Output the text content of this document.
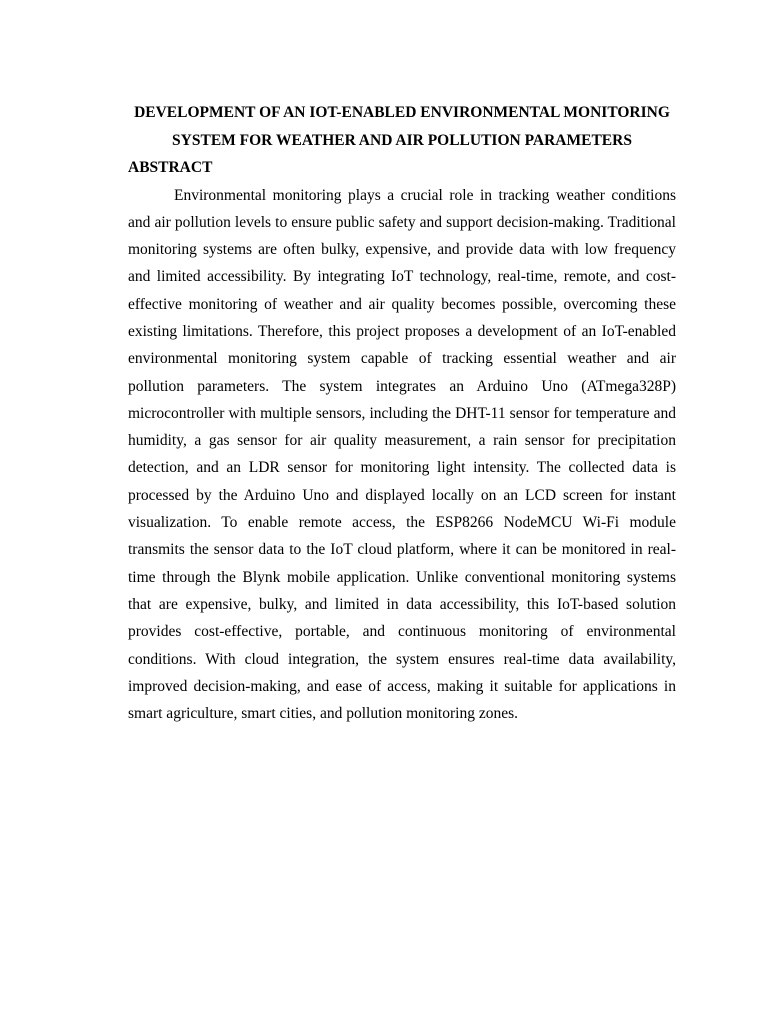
DEVELOPMENT OF AN IOT-ENABLED ENVIRONMENTAL MONITORING SYSTEM FOR WEATHER AND AIR POLLUTION PARAMETERS
ABSTRACT

Environmental monitoring plays a crucial role in tracking weather conditions and air pollution levels to ensure public safety and support decision-making. Traditional monitoring systems are often bulky, expensive, and provide data with low frequency and limited accessibility. By integrating IoT technology, real-time, remote, and cost-effective monitoring of weather and air quality becomes possible, overcoming these existing limitations. Therefore, this project proposes a development of an IoT-enabled environmental monitoring system capable of tracking essential weather and air pollution parameters. The system integrates an Arduino Uno (ATmega328P) microcontroller with multiple sensors, including the DHT-11 sensor for temperature and humidity, a gas sensor for air quality measurement, a rain sensor for precipitation detection, and an LDR sensor for monitoring light intensity. The collected data is processed by the Arduino Uno and displayed locally on an LCD screen for instant visualization. To enable remote access, the ESP8266 NodeMCU Wi-Fi module transmits the sensor data to the IoT cloud platform, where it can be monitored in real-time through the Blynk mobile application. Unlike conventional monitoring systems that are expensive, bulky, and limited in data accessibility, this IoT-based solution provides cost-effective, portable, and continuous monitoring of environmental conditions. With cloud integration, the system ensures real-time data availability, improved decision-making, and ease of access, making it suitable for applications in smart agriculture, smart cities, and pollution monitoring zones.
